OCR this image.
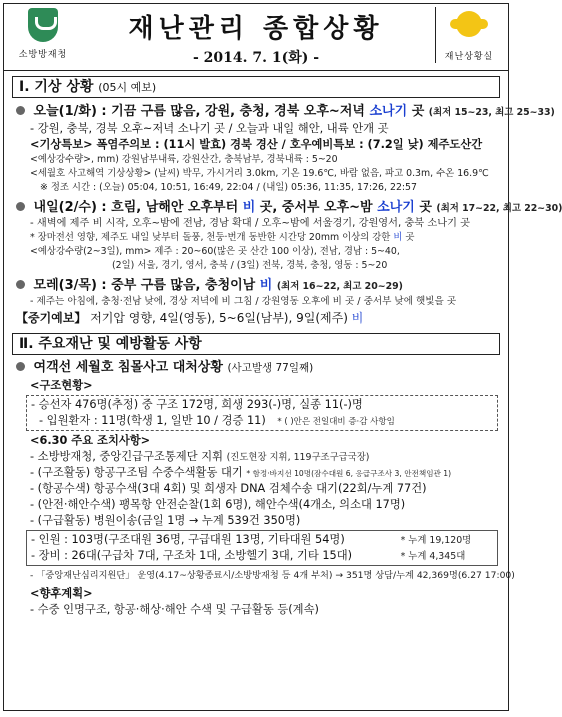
소방방재청
재난관리 종합상황
- 2014. 7. 1(화) -	재난상황실
Ⅰ. 기상 상황 (05시 예보)
오늘(1/화) : 기끔 구름 많음, 강원, 충청, 경북 오후~저녁 소나기 곳 (최저 15~23, 최고 25~33)
- 강원, 충북, 경북 오후~저녁 소나기 곳 / 오늘과 내일 해안, 내륙 안개 곳
<기상특보> 폭염주의보 : (11시 발효) 경북 경산 / 호우예비특보 : (7.2일 낮) 제주도산간
<예상강수량>, mm) 강원남부내륙, 강원산간, 충북남부, 경북내륙 : 5~20
<세월호 사고해역 기상상황> (날씨) 박무, 가시거리 3.0km, 기온 19.6℃, 바람 없음, 파고 0.3m, 수온 16.9℃
※ 정조 시간 : (오늘) 05:04, 10:51, 16:49, 22:04 / (내일) 05:36, 11:35, 17:26, 22:57
내일(2/수) : 흐림, 남해안 오후부터 비 곳, 중서부 오후~밤 소나기 곳 (최저 17~22, 최고 22~30)
- 새벽에 제주 비 시작, 오후~밤에 전남, 경남 확대 / 오후~밤에 서울경기, 강원영서, 충북 소나기 곳
* 장마전선 영향, 제주도 내일 낮부터 돌풍, 천둥·번개 동반한 시간당 20mm 이상의 강한 비 곳
<예상강수량(2~3일), mm> 제주 : 20~60(많은 곳 산간 100 이상), 전남, 경남 : 5~40,
(2일) 서울, 경기, 영서, 충북 / (3일) 전북, 경북, 충청, 영동 : 5~20
모레(3/목) : 중부 구름 많음, 충청이남 비 (최저 16~22, 최고 20~29)
- 제주는 아침에, 충청·전남 낮에, 경상 저녁에 비 그침 / 강원영동 오후에 비 곳 / 중서부 낮에 햇빛을 곳
【중기예보】 저기압 영향, 4일(영동), 5~6일(남부), 9일(제주) 비
Ⅱ. 주요재난 및 예방활동 사항
여객선 세월호 침몰사고 대처상황 (사고발생 77일째)
<구조현황>
- 승선자 476명(추정) 중 구조 172명, 희생 293(-)명, 실종 11(-)명
- 입원환자 : 11명(학생 1, 일반 10 / 경증 11) * ( )안은 전일대비 증·감 사항임
<6.30 주요 조치사항>
- 소방방재청, 중앙긴급구조통제단 지휘 (진도현장 지휘, 119구조구급국장)
- (구조활동) 항공구조팀 수중수색활동 대기 * 함정·바지선 10명(잠수대원 6, 응급구조사 3, 안전책임관 1)
- (항공수색) 항공수색(3대 4회) 및 희생자 DNA 검체수송 대기(22회/누계 77건)
- (안전·해안수색) 팽목항 안전순찰(1회 6명), 해안수색(4개소, 의소대 17명)
- (구급활동) 병원이송(금일 1명 → 누계 539건 350명)
- 인원 : 103명(구조대원 36명, 구급대원 13명, 기타대원 54명)	* 누계 19,120명
- 장비 : 26대(구급차 7대, 구조차 1대, 소방헬기 3대, 기타 15대)	* 누계 4,345대
- 「중앙재난심리지원단」 운영(4.17~상황종료시/소방방재청 등 4개 부처) → 351명 상담/누계 42,369명(6.27 17:00)
<향후계획>
- 수중 인명구조, 항공·해상·해안 수색 및 구급활동 등(계속)
